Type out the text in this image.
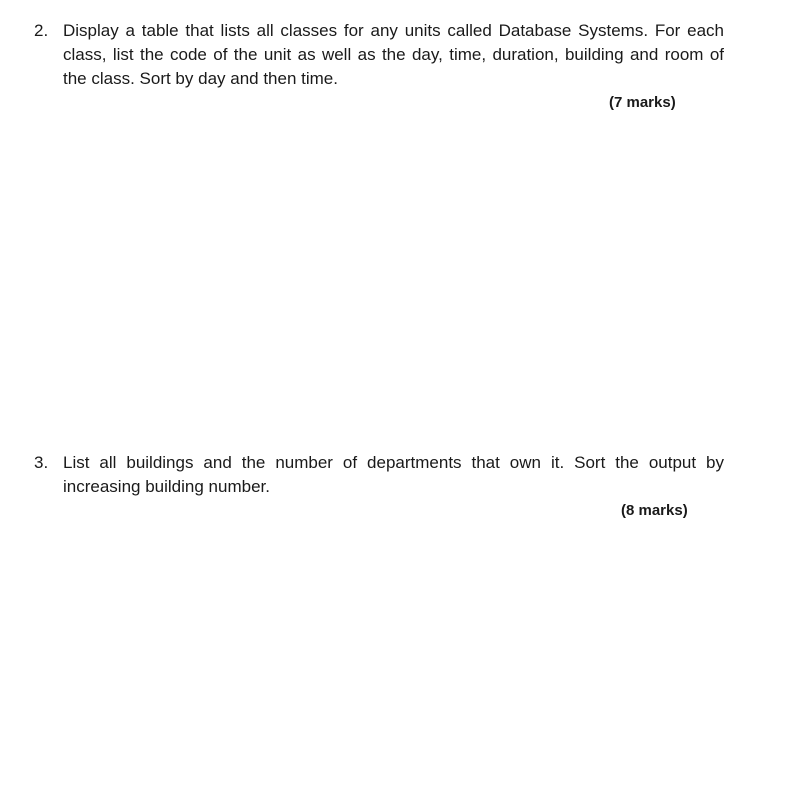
2. Display a table that lists all classes for any units called Database Systems. For each class, list the code of the unit as well as the day, time, duration, building and room of the class. Sort by day and then time.
(7 marks)
3. List all buildings and the number of departments that own it. Sort the output by increasing building number.
(8 marks)
